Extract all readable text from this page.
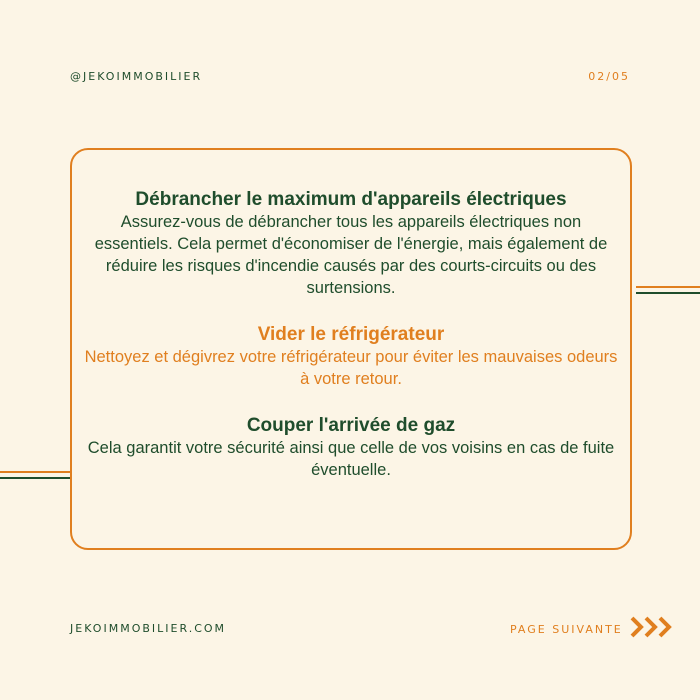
@JEKOIMMOBILIER	02/05
Débrancher le maximum d'appareils électriques

Assurez-vous de débrancher tous les appareils électriques non essentiels. Cela permet d'économiser de l'énergie, mais également de réduire les risques d'incendie causés par des courts-circuits ou des surtensions.

Vider le réfrigérateur

Nettoyez et dégivrez votre réfrigérateur pour éviter les mauvaises odeurs à votre retour.

Couper l'arrivée de gaz

Cela garantit votre sécurité ainsi que celle de vos voisins en cas de fuite éventuelle.

JEKOIMMOBILIER.COM	PAGE SUIVANTE
